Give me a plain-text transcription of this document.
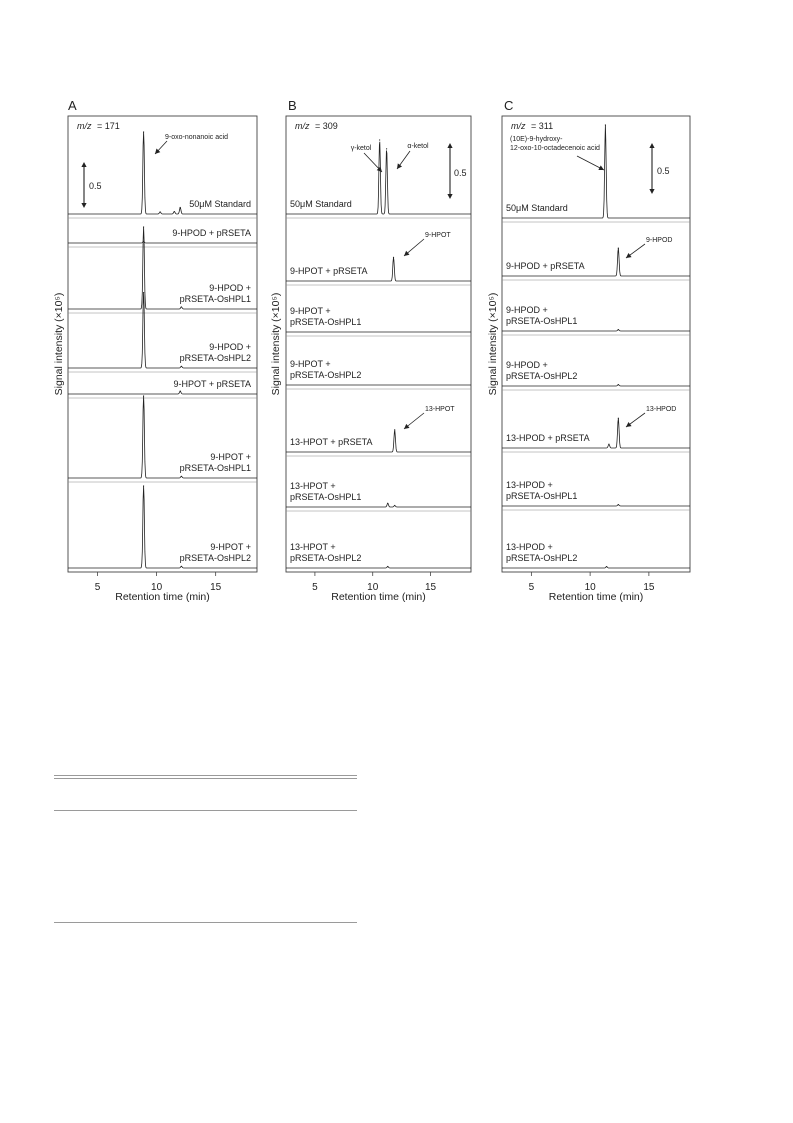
A
m/z = 171
50μM Standard
9-HPOD + pRSETA
9-HPOD + pRSETA-OsHPL1
9-HPOD + pRSETA-OsHPL2
9-HPOT + pRSETA
9-HPOT + pRSETA-OsHPL1
9-HPOT + pRSETA-OsHPL2
5	10	15
Retention time (min)
Signal intensity (×10⁵)
0.5
9-oxo-nonanoic acid
B
m/z = 309
50μM Standard
9-HPOT + pRSETA
9-HPOT + pRSETA-OsHPL1
9-HPOT + pRSETA-OsHPL2
13-HPOT + pRSETA
13-HPOT + pRSETA-OsHPL1
13-HPOT + pRSETA-OsHPL2
5	10	15
Retention time (min)
Signal intensity (×10⁵)
0.5
γ-ketol	α-ketol
9-HPOT
13-HPOT
C
m/z = 311
50μM Standard
9-HPOD + pRSETA
9-HPOD + pRSETA-OsHPL1
9-HPOD + pRSETA-OsHPL2
13-HPOD + pRSETA
13-HPOD + pRSETA-OsHPL1
13-HPOD + pRSETA-OsHPL2
5	10	15
Retention time (min)
Signal intensity (×10⁵)
0.5
(10E)-9-hydroxy-12-oxo-10-octadecenoic acid
9-HPOD
13-HPOD
